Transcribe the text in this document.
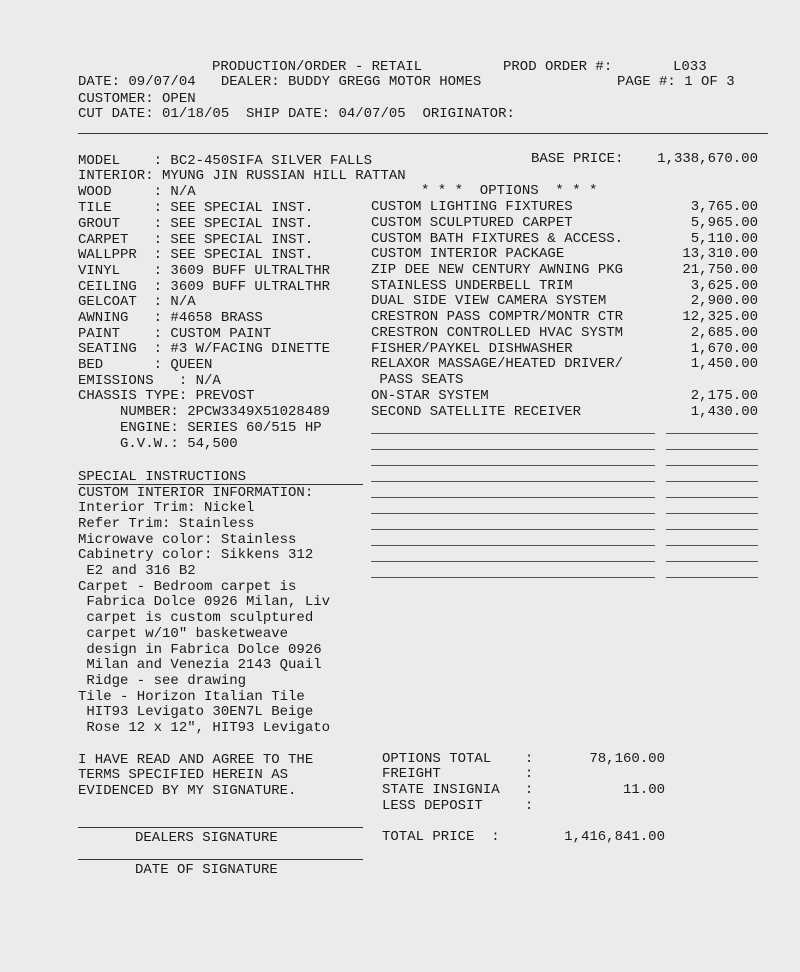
PRODUCTION/ORDER - RETAIL	PROD ORDER #:	L033
DATE: 09/07/04   DEALER: BUDDY GREGG MOTOR HOMES	PAGE #: 1 OF 3
CUSTOMER: OPEN
CUT DATE: 01/18/05  SHIP DATE: 04/07/05  ORIGINATOR:
MODEL    : BC2-450SIFA SILVER FALLS	BASE PRICE:	1,338,670.00
INTERIOR: MYUNG JIN RUSSIAN HILL RATTAN
* * *  OPTIONS  * * *
WOOD     : N/A
TILE     : SEE SPECIAL INST.
GROUT    : SEE SPECIAL INST.
CARPET   : SEE SPECIAL INST.
WALLPPR  : SEE SPECIAL INST.
VINYL    : 3609 BUFF ULTRALTHR
CEILING  : 3609 BUFF ULTRALTHR
GELCOAT  : N/A
AWNING   : #4658 BRASS
PAINT    : CUSTOM PAINT
SEATING  : #3 W/FACING DINETTE
BED      : QUEEN
EMISSIONS   : N/A
CHASSIS TYPE: PREVOST
NUMBER: 2PCW3349X51028489
ENGINE: SERIES 60/515 HP
G.V.W.: 54,500
CUSTOM LIGHTING FIXTURES	3,765.00
CUSTOM SCULPTURED CARPET	5,965.00
CUSTOM BATH FIXTURES & ACCESS.	5,110.00
CUSTOM INTERIOR PACKAGE	13,310.00
ZIP DEE NEW CENTURY AWNING PKG	21,750.00
STAINLESS UNDERBELL TRIM	3,625.00
DUAL SIDE VIEW CAMERA SYSTEM	2,900.00
CRESTRON PASS COMPTR/MONTR CTR	12,325.00
CRESTRON CONTROLLED HVAC SYSTM	2,685.00
FISHER/PAYKEL DISHWASHER	1,670.00
RELAXOR MASSAGE/HEATED DRIVER/	1,450.00
PASS SEATS
ON-STAR SYSTEM	2,175.00
SECOND SATELLITE RECEIVER	1,430.00
SPECIAL INSTRUCTIONS
CUSTOM INTERIOR INFORMATION:
Interior Trim: Nickel
Refer Trim: Stainless
Microwave color: Stainless
Cabinetry color: Sikkens 312
E2 and 316 B2
Carpet - Bedroom carpet is
Fabrica Dolce 0926 Milan, Liv
carpet is custom sculptured
carpet w/10" basketweave
design in Fabrica Dolce 0926
Milan and Venezia 2143 Quail
Ridge - see drawing
Tile - Horizon Italian Tile
HIT93 Levigato 30EN7L Beige
Rose 12 x 12", HIT93 Levigato
I HAVE READ AND AGREE TO THE
TERMS SPECIFIED HEREIN AS
EVIDENCED BY MY SIGNATURE.
OPTIONS TOTAL    :	78,160.00
FREIGHT          :
STATE INSIGNIA   :	11.00
LESS DEPOSIT     :
TOTAL PRICE  :	1,416,841.00
DEALERS SIGNATURE
DATE OF SIGNATURE
